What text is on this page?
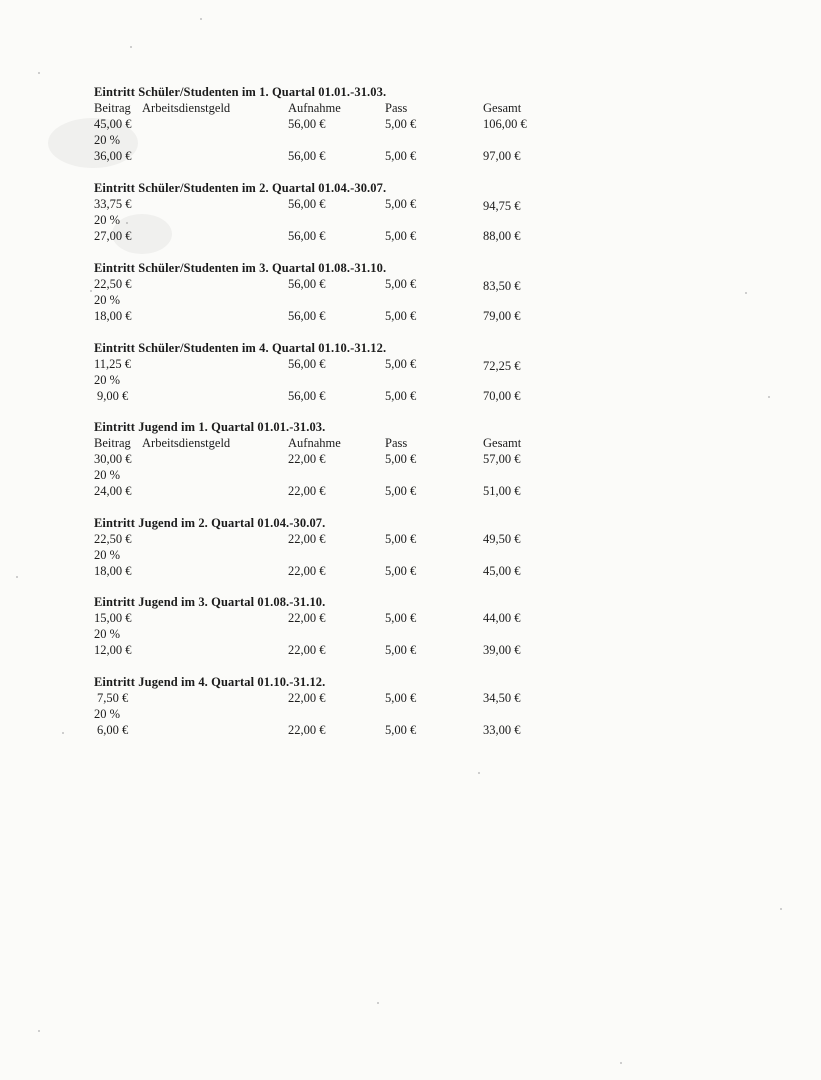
Eintritt Schüler/Studenten im 1. Quartal 01.01.-31.03.
Beitrag Arbeitsdienstgeld	Aufnahme	Pass	Gesamt
45,00 €	56,00 €	5,00 €	106,00 €
20 %
36,00 €	56,00 €	5,00 €	97,00 €
Eintritt Schüler/Studenten im 2. Quartal 01.04.-30.07.
33,75 €	56,00 €	5,00 €	94,75 €
20 %
27,00 €	56,00 €	5,00 €	88,00 €
Eintritt Schüler/Studenten im 3. Quartal 01.08.-31.10.
22,50 €	56,00 €	5,00 €	83,50 €
20 %
18,00 €	56,00 €	5,00 €	79,00 €
Eintritt Schüler/Studenten im 4. Quartal 01.10.-31.12.
11,25 €	56,00 €	5,00 €	72,25 €
20 %
9,00 €	56,00 €	5,00 €	70,00 €
Eintritt Jugend im 1. Quartal 01.01.-31.03.
Beitrag Arbeitsdienstgeld	Aufnahme	Pass	Gesamt
30,00 €	22,00 €	5,00 €	57,00 €
20 %
24,00 €	22,00 €	5,00 €	51,00 €
Eintritt Jugend im 2. Quartal 01.04.-30.07.
22,50 €	22,00 €	5,00 €	49,50 €
20 %
18,00 €	22,00 €	5,00 €	45,00 €
Eintritt Jugend im 3. Quartal 01.08.-31.10.
15,00 €	22,00 €	5,00 €	44,00 €
20 %
12,00 €	22,00 €	5,00 €	39,00 €
Eintritt Jugend im 4. Quartal 01.10.-31.12.
7,50 €	22,00 €	5,00 €	34,50 €
20 %
6,00 €	22,00 €	5,00 €	33,00 €
